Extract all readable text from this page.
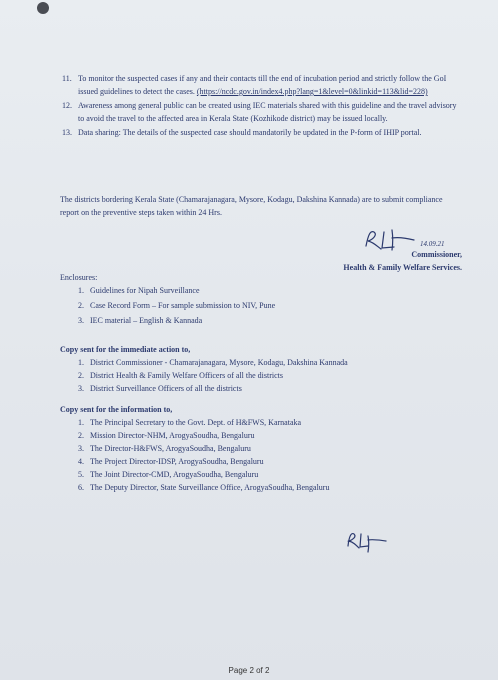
11. To monitor the suspected cases if any and their contacts till the end of incubation period and strictly follow the GoI issued guidelines to detect the cases. (https://ncdc.gov.in/index4.php?lang=1&level=0&linkid=113&lid=228)
12. Awareness among general public can be created using IEC materials shared with this guideline and the travel advisory to avoid the travel to the affected area in Kerala State (Kozhikode district) may be issued locally.
13. Data sharing: The details of the suspected case should mandatorily be updated in the P-form of IHIP portal.
The districts bordering Kerala State (Chamarajanagara, Mysore, Kodagu, Dakshina Kannada) are to submit compliance report on the preventive steps taken within 24 Hrs.
14.09.21
Commissioner,
Health & Family Welfare Services.
Enclosures:
1. Guidelines for Nipah Surveillance
2. Case Record Form – For sample submission to NIV, Pune
3. IEC material – English & Kannada
Copy sent for the immediate action to,
1. District Commissioner - Chamarajanagara, Mysore, Kodagu, Dakshina Kannada
2. District Health & Family Welfare Officers of all the districts
3. District Surveillance Officers of all the districts
Copy sent for the information to,
1. The Principal Secretary to the Govt. Dept. of H&FWS, Karnataka
2. Mission Director-NHM, ArogyaSoudha, Bengaluru
3. The Director-H&FWS, ArogyaSoudha, Bengaluru
4. The Project Director-IDSP, ArogyaSoudha, Bengaluru
5. The Joint Director-CMD, ArogyaSoudha, Bengaluru
6. The Deputy Director, State Surveillance Office, ArogyaSoudha, Bengaluru
Page 2 of 2
